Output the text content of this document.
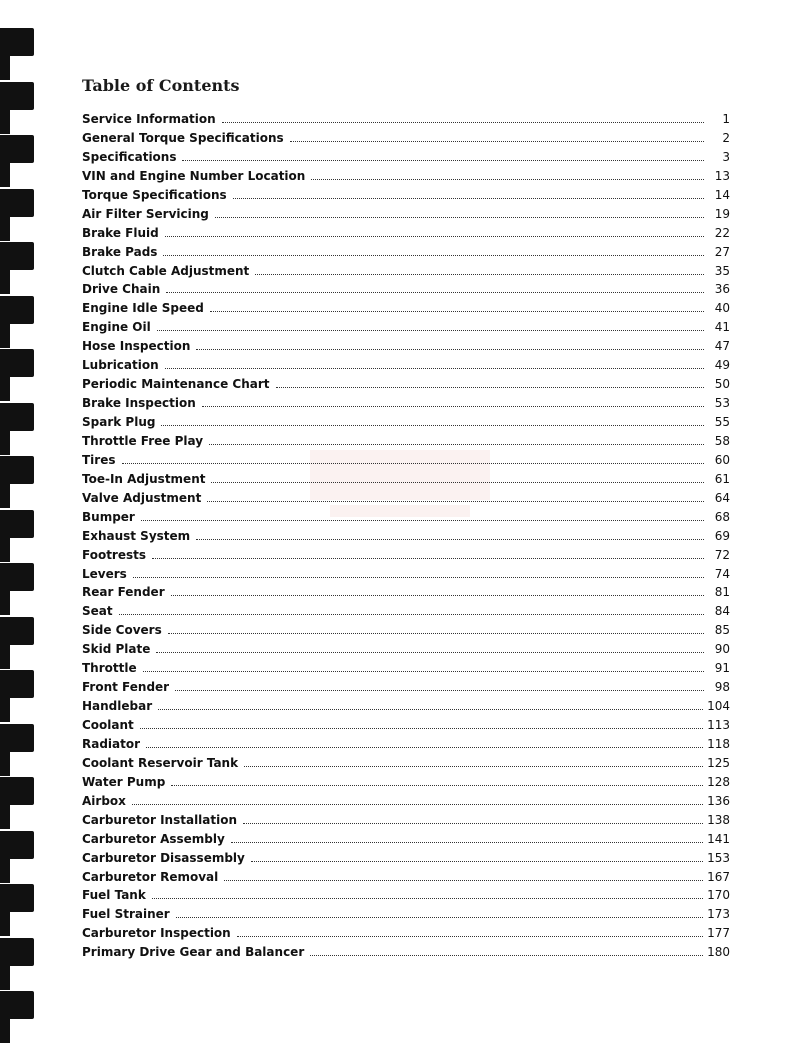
Table of Contents
Service Information	1
General Torque Specifications	2
Specifications	3
VIN and Engine Number Location	13
Torque Specifications	14
Air Filter Servicing	19
Brake Fluid	22
Brake Pads	27
Clutch Cable Adjustment	35
Drive Chain	36
Engine Idle Speed	40
Engine Oil	41
Hose Inspection	47
Lubrication	49
Periodic Maintenance Chart	50
Brake Inspection	53
Spark Plug	55
Throttle Free Play	58
Tires	60
Toe-In Adjustment	61
Valve Adjustment	64
Bumper	68
Exhaust System	69
Footrests	72
Levers	74
Rear Fender	81
Seat	84
Side Covers	85
Skid Plate	90
Throttle	91
Front Fender	98
Handlebar	104
Coolant	113
Radiator	118
Coolant Reservoir Tank	125
Water Pump	128
Airbox	136
Carburetor Installation	138
Carburetor Assembly	141
Carburetor Disassembly	153
Carburetor Removal	167
Fuel Tank	170
Fuel Strainer	173
Carburetor Inspection	177
Primary Drive Gear and Balancer	180
